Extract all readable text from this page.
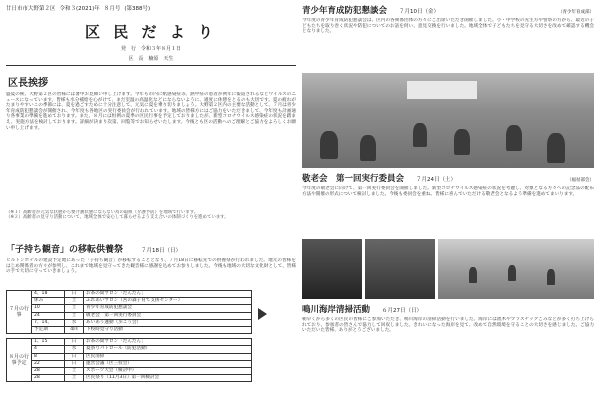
廿日市市大野第２区 令和３(2021)年 ８月号 (第388号)
区 民 だ よ り
発　行　令和３年８月１日
区　長　楠原　天生
区長挨拶
盛夏の候、大野第２区の皆様には暑中お見舞い申し上げます。今年も市内に紙感染症等、熱中症の患者が例年に報道されるなどウイルスのニュースになっています。皆様も水分補給を心がけて、まだ室温の高温化などにならないように、適度に休憩をとるのも大切です。夏の疲れがたまりやすいこの季節には、夏を過ごすために十分注意して、元気に夏を乗り切りましょう。大野第２区内の主要な活動として、７月は青少年育成防犯懇談会が開催され、今年度も各地区の実行委員会が行われています。地域の皆様方にはご協力をいただきまして、今年度も計画通り各事業の準備を進めております。また、８月には恒例の夏季の区民行事を予定しておりましたが、新型コロナウイルス感染症の状況を踏まえ、実施方法を検討しております。詳細が決まり次第、回覧等でお知らせいたします。今後とも区の活動へのご理解とご協力をよろしくお願い申し上げます。
（※１）高齢者が元気な状態から要介護状態にならない為の取組（介護予防）を地域で行います。
（※２）高齢者の見守り活動について、地域全体で安心して暮らせるよう支え合いの体制づくりを進めています。
「子持ち観音」の移転供養祭	７月18日（日）
ヒルトンホテルの建設予定地にあった「子持ち観音」が移転することとなり、７月18日に移転先での供養祭が行われました。地元の皆様をはじめ関係者の方々が参列し、これまで地域を見守ってきた観音様に感謝を込めてお参りしました。今後も地域の大切な文化財として、皆様の手で大切に守っていきましょう。
７月の行事	4、18	日	お茶の間サロン「だんだん」
	休み	土	ふれあいサロン（宮の森子育て支援センター）
	10	土	青少年育成防犯懇談会
	24	土	敬老会　第一回実行委員会
	7、14、	水	あいあう運動（歩こう会）
	予定期	4回	下校時見守り活動
８月の行事予定	1、15	日	お茶の間サロン「だんだん」
	4	水	夏祭りパトロール（防犯活動）
	8	日	区民清掃
	22	日	運営会議（区三役会）
	28	土	スポーツ大会（検討中）
	28	土	区民祭り（11月3日）第一回検討会
青少年育成防犯懇談会 ７月10日（金）	（青少年育成部）
今年度の青少年育成防犯懇談会は、区内の各関係団体の方々にご出席いただき開催しました。小・中学校の先生方や警察の方から、最近の子どもたちを取り巻く状況や防犯についてのお話を伺い、意見交換を行いました。地域全体で子どもたちを見守る大切さを改めて確認する機会となりました。
敬老会　第一回実行委員会 ７月24日（土）	（福祉部会）
今年度の敬老会に向けて、第一回実行委員会を開催しました。新型コロナウイルス感染症の状況を考慮し、対象となる方々への記念品の配布方法や開催の形式について検討しました。今後も委員会を重ね、皆様に喜んでいただける敬老会となるよう準備を進めてまいります。
鳴川海岸清掃活動 ６月27日（日）
朝早くから多くの区民の皆様にご参加いただき、鳴川海岸の清掃活動を行いました。海岸には流木やプラスチックごみなどが多く打ち上げられており、参加者の皆さんで協力して回収しました。きれいになった海岸を見て、改めて自然環境を守ることの大切さを感じました。ご協力いただいた皆様、ありがとうございました。
